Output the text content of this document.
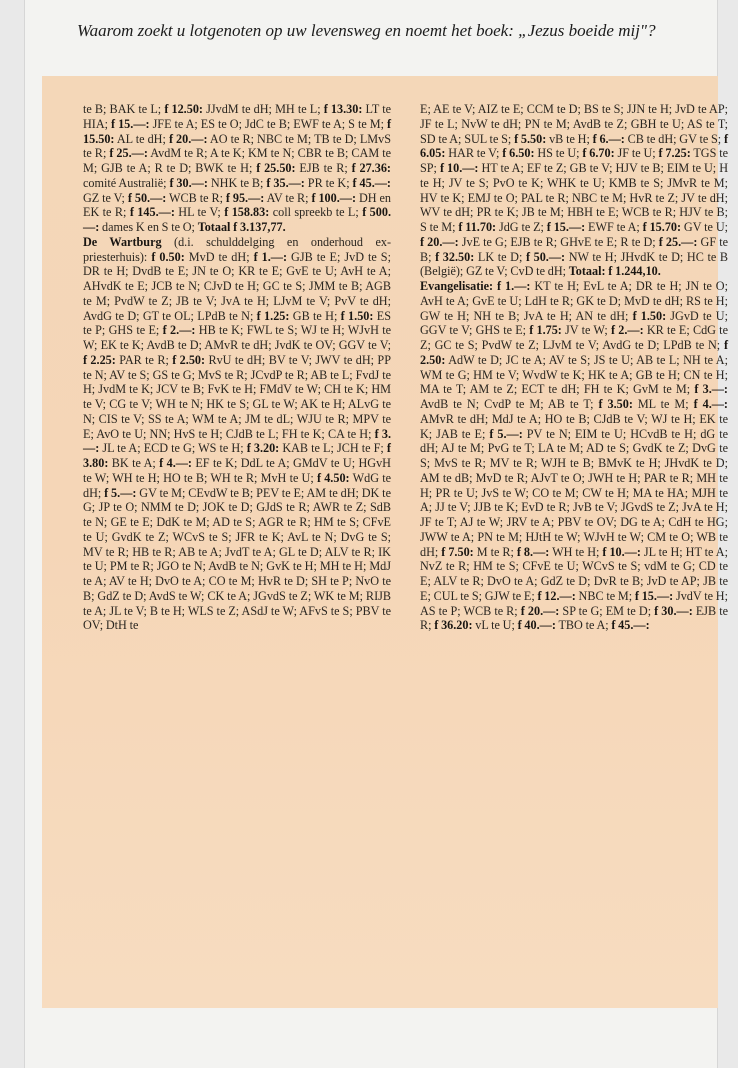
Waarom zoekt u lotgenoten op uw levensweg en noemt het boek: „Jezus boeide mij"?

te B; BAK te L; f 12.50: JJvdM te dH; MH te L; f 13.30: LT te HIA; f 15.—: JFE te A; ES te O; JdC te B; EWF te A; S te M; f 15.50: AL te dH; f 20.—: AO te R; NBC te M; TB te D; LMvS te R; f 25.—: AvdM te R; A te K; KM te N; CBR te B; CAM te M; GJB te A; R te D; BWK te H; f 25.50: EJB te R; f 27.36: comité Australië; f 30.—: NHK te B; f 35.—: PR te K; f 45.—: GZ te V; f 50.—: WCB te R; f 95.—: AV te R; f 100.—: DH en EK te R; f 145.—: HL te V; f 158.83: coll spreekb te L; f 500.—: dames K en S te O; Totaal f 3.137,77.

De Wartburg (d.i. schulddelging en onderhoud ex-priesterhuis): f 0.50: MvD te dH; f 1.—: GJB te E; JvD te S; DR te H; DvdB te E; JN te O; KR te E; GvE te U; AvH te A; AHvdK te E; JCB te N; CJvD te H; GC te S; JMM te B; AGB te M; PvdW te Z; JB te V; JvA te H; LJvM te V; PvV te dH; AvdG te D; GT te OL; LPdB te N; f 1.25: GB te H; f 1.50: ES te P; GHS te E; f 2.—: HB te K; FWL te S; WJ te H; WJvH te W; EK te K; AvdB te D; AMvR te dH; JvdK te OV; GGV te V; f 2.25: PAR te R; f 2.50: RvU te dH; BV te V; JWV te dH; PP te N; AV te S; GS te G; MvS te R; JCvdP te R; AB te L; FvdJ te H; JvdM te K; JCV te B; FvK te H; FMdV te W; CH te K; HM te V; CG te V; WH te N; HK te S; GL te W; AK te H; ALvG te N; CIS te V; SS te A; WM te A; JM te dL; WJU te R; MPV te E; AvO te U; NN; HvS te H; CJdB te L; FH te K; CA te H; f 3.—: JL te A; ECD te G; WS te H; f 3.20: KAB te L; JCH te F; f 3.80: BK te A; f 4.—: EF te K; DdL te A; GMdV te U; HGvH te W; WH te H; HO te B; WH te R; MvH te U; f 4.50: WdG te dH; f 5.—: GV te M; CEvdW te B; PEV te E; AM te dH; DK te G; JP te O; NMM te D; JOK te D; GJdS te R; AWR te Z; SdB te N; GE te E; DdK te M; AD te S; AGR te R; HM te S; CFvE te U; GvdK te Z; WCvS te S; JFR te K; AvL te N; DvG te S; MV te R; HB te R; AB te A; JvdT te A; GL te D; ALV te R; IK te U; PM te R; JGO te N; AvdB te N; GvK te H; MH te H; MdJ te A; AV te H; DvO te A; CO te M; HvR te D; SH te P; NvO te B; GdZ te D; AvdS te W; CK te A; JGvdS te Z; WK te M; RIJB te A; JL te V; B te H; WLS te Z; ASdJ te W; AFvS te S; PBV te OV; DtH te

E; AE te V; AIZ te E; CCM te D; BS te S; JJN te H; JvD te AP; JF te L; NvW te dH; PN te M; AvdB te Z; GBH te U; AS te T; SD te A; SUL te S; f 5.50: vB te H; f 6.—: CB te dH; GV te S; f 6.05: HAR te V; f 6.50: HS te U; f 6.70: JF te U; f 7.25: TGS te SP; f 10.—: HT te A; EF te Z; GB te V; HJV te B; EIM te U; H te H; JV te S; PvO te K; WHK te U; KMB te S; JMvR te M; HV te K; EMJ te O; PAL te R; NBC te M; HvR te Z; JV te dH; WV te dH; PR te K; JB te M; HBH te E; WCB te R; HJV te B; S te M; f 11.70: JdG te Z; f 15.—: EWF te A; f 15.70: GV te U; f 20.—: JvE te G; EJB te R; GHvE te E; R te D; f 25.—: GF te B; f 32.50: LK te D; f 50.—: NW te H; JHvdK te D; HC te B (België); GZ te V; CvD te dH; Totaal: f 1.244,10.

Evangelisatie: f 1.—: KT te H; EvL te A; DR te H; JN te O; AvH te A; GvE te U; LdH te R; GK te D; MvD te dH; RS te H; GW te H; NH te B; JvA te H; AN te dH; f 1.50: JGvD te U; GGV te V; GHS te E; f 1.75: JV te W; f 2.—: KR te E; CdG te Z; GC te S; PvdW te Z; LJvM te V; AvdG te D; LPdB te N; f 2.50: AdW te D; JC te A; AV te S; JS te U; AB te L; NH te A; WM te G; HM te V; WvdW te K; HK te A; GB te H; CN te H; MA te T; AM te Z; ECT te dH; FH te K; GvM te M; f 3.—: AvdB te N; CvdP te M; AB te T; f 3.50: ML te M; f 4.—: AMvR te dH; MdJ te A; HO te B; CJdB te V; WJ te H; EK te K; JAB te E; f 5.—: PV te N; EIM te U; HCvdB te H; dG te dH; AJ te M; PvG te T; LA te M; AD te S; GvdK te Z; DvG te S; MvS te R; MV te R; WJH te B; BMvK te H; JHvdK te D; AM te dB; MvD te R; AJvT te O; JWH te H; PAR te R; MH te H; PR te U; JvS te W; CO te M; CW te H; MA te HA; MJH te A; JJ te V; JJB te K; EvD te R; JvB te V; JGvdS te Z; JvA te H; JF te T; AJ te W; JRV te A; PBV te OV; DG te A; CdH te HG; JWW te A; PN te M; HJtH te W; WJvH te W; CM te O; WB te dH; f 7.50: M te R; f 8.—: WH te H; f 10.—: JL te H; HT te A; NvZ te R; HM te S; CFvE te U; WCvS te S; vdM te G; CD te E; ALV te R; DvO te A; GdZ te D; DvR te B; JvD te AP; JB te E; CUL te S; GJW te E; f 12.—: NBC te M; f 15.—: JvdV te H; AS te P; WCB te R; f 20.—: SP te G; EM te D; f 30.—: EJB te R; f 36.20: vL te U; f 40.—: TBO te A; f 45.—:
